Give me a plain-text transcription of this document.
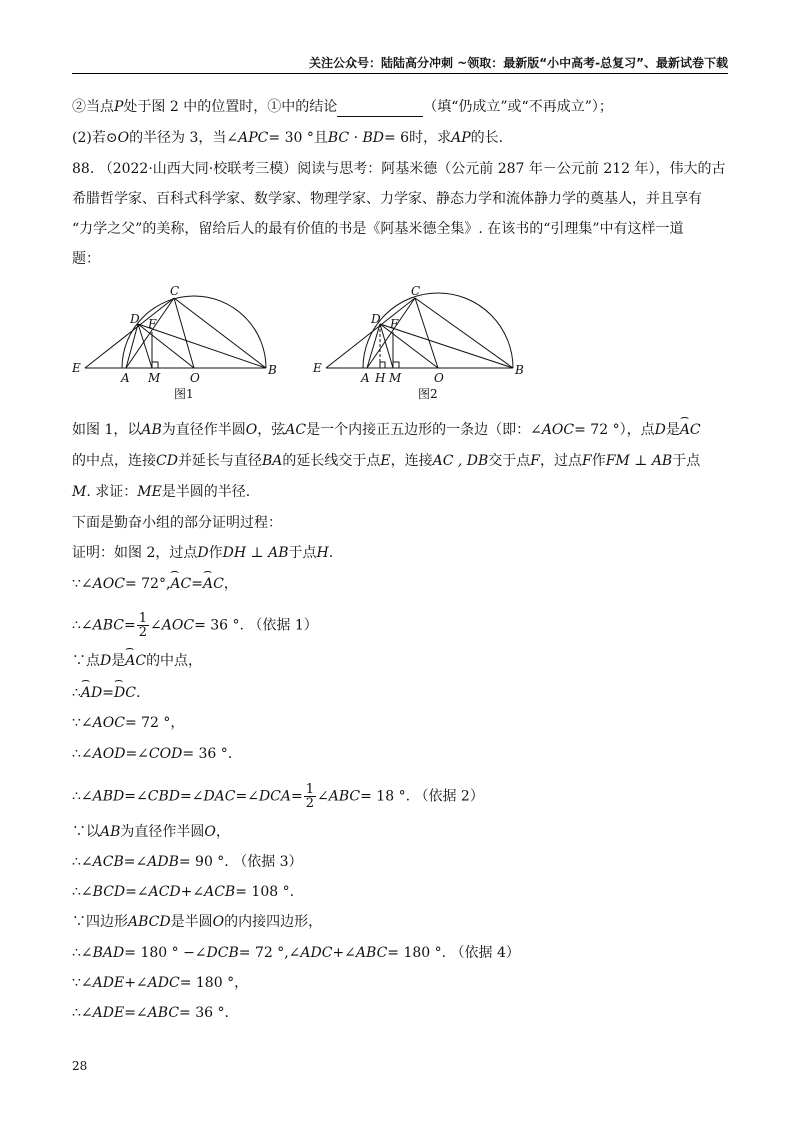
关注公众号：陆陆高分冲刺 ~领取：最新版“小中高考-总复习”、最新试卷下载
②当点P处于图 2 中的位置时，①中的结论	（填“仍成立”或“不再成立”）；
(2)若⊙O的半径为 3，当∠APC= 30 °且BC · BD= 6时，求AP的长.
88. （2022·山西大同·校联考三模）阅读与思考：阿基米德（公元前 287 年－公元前 212 年），伟大的古
希腊哲学家、百科式科学家、数学家、物理学家、力学家、静态力学和流体静力学的奠基人，并且享有
“力学之父”的美称，留给后人的最有价值的书是《阿基米德全集》. 在该书的“引理集”中有这样一道
题：
C
D F
E
A M O
B
图1
C
D F
E
A H M	O
B
图2
如图 1，以AB为直径作半圆O，弦AC是一个内接正五边形的一条边（即：∠AOC= 72 °），点D是⌣ AC
的中点，连接CD并延长与直径BA的延长线交于点E，连接AC , DB交于点F，过点F作FM ⊥ AB于点
M. 求证：ME是半圆的半径.
下面是勤奋小组的部分证明过程：
证明：如图 2，过点D作DH ⊥ AB于点H.
∵∠AOC= 72°,⌣ AC=⌣ AC，
∴∠ABC= $\frac{1}{2}$ ∠AOC= 36 °. （依据 1）
∵点D是⌣ AC的中点，
∴⌣ AD=⌣ DC.
∵∠AOC= 72 °，
∴∠AOD=∠COD= 36 °.
∴∠ABD=∠CBD=∠DAC=∠DCA= $\frac{1}{2}$ ∠ABC= 18 °. （依据 2）
∵以AB为直径作半圆O，
∴∠ACB=∠ADB= 90 °. （依据 3）
∴∠BCD=∠ACD+∠ACB= 108 °.
∵四边形ABCD是半圆O的内接四边形，
∴∠BAD= 180 ° −∠DCB= 72 °,∠ADC+∠ABC= 180 °. （依据 4）
∵∠ADE+∠ADC= 180 °，
∴∠ADE=∠ABC= 36 °.
28
